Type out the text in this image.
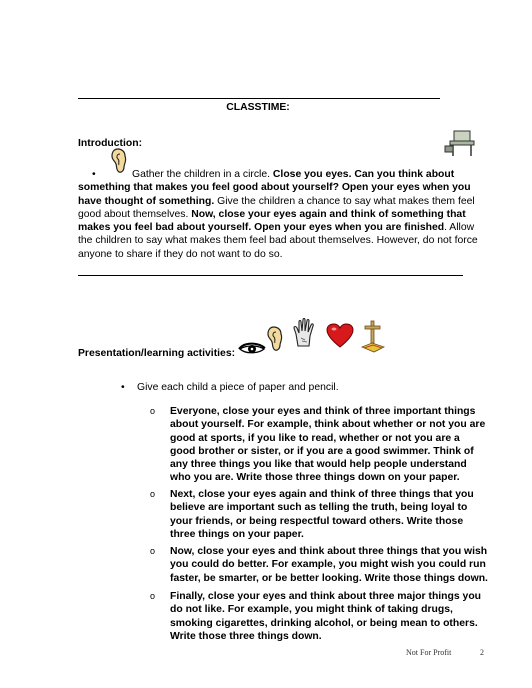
CLASSTIME:
Introduction:
•	Gather the children in a circle. Close you eyes. Can you think about something that makes you feel good about yourself? Open your eyes when you have thought of something. Give the children a chance to say what makes them feel good about themselves. Now, close your eyes again and think of something that makes you feel bad about yourself. Open your eyes when you are finished. Allow the children to say what makes them feel bad about themselves. However, do not force anyone to share if they do not want to do so.
Presentation/learning activities:
• Give each child a piece of paper and pencil.
o Everyone, close your eyes and think of three important things about yourself. For example, think about whether or not you are good at sports, if you like to read, whether or not you are a good brother or sister, or if you are a good swimmer. Think of any three things you like that would help people understand who you are. Write those three things down on your paper.
o Next, close your eyes again and think of three things that you believe are important such as telling the truth, being loyal to your friends, or being respectful toward others. Write those three things on your paper.
o Now, close your eyes and think about three things that you wish you could do better. For example, you might wish you could run faster, be smarter, or be better looking. Write those things down.
o Finally, close your eyes and think about three major things you do not like. For example, you might think of taking drugs, smoking cigarettes, drinking alcohol, or being mean to others. Write those three things down.
Not For Profit	2
